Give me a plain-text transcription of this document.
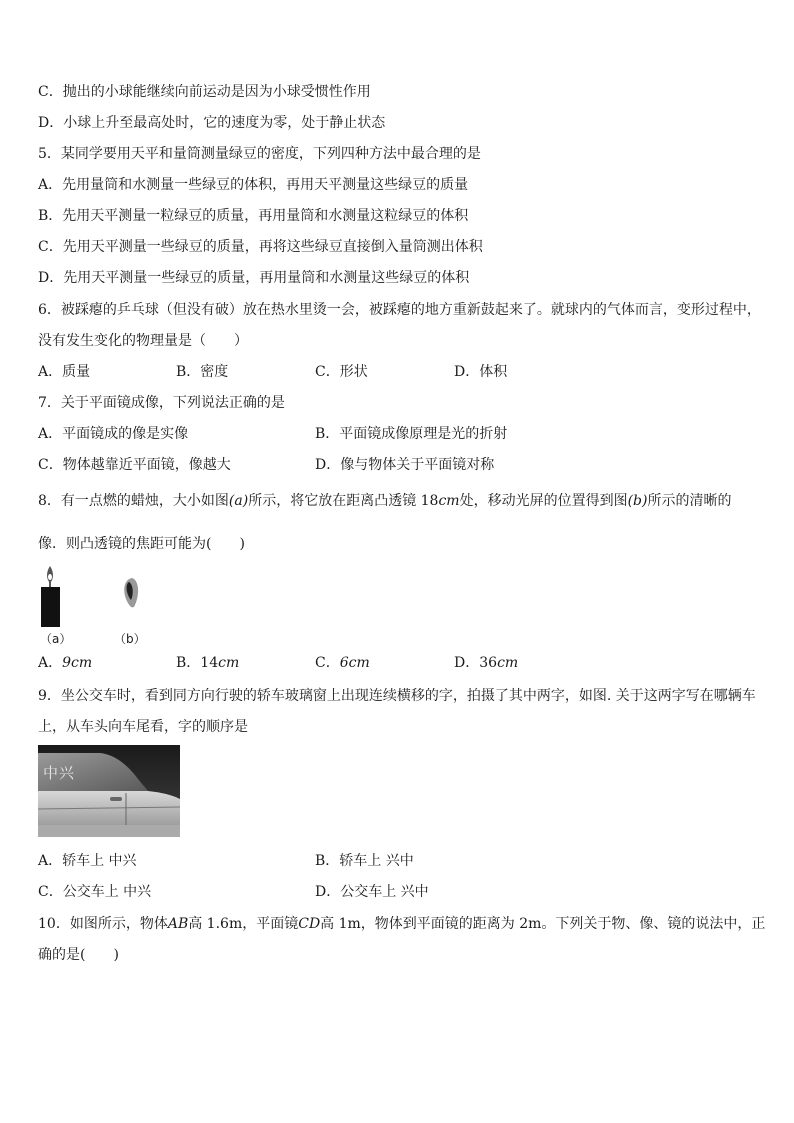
C．抛出的小球能继续向前运动是因为小球受惯性作用
D．小球上升至最高处时，它的速度为零，处于静止状态
5．某同学要用天平和量筒测量绿豆的密度，下列四种方法中最合理的是
A．先用量筒和水测量一些绿豆的体积，再用天平测量这些绿豆的质量
B．先用天平测量一粒绿豆的质量，再用量筒和水测量这粒绿豆的体积
C．先用天平测量一些绿豆的质量，再将这些绿豆直接倒入量筒测出体积
D．先用天平测量一些绿豆的质量，再用量筒和水测量这些绿豆的体积
6．被踩瘪的乒乓球（但没有破）放在热水里烫一会，被踩瘪的地方重新鼓起来了。就球内的气体而言，变形过程中，
没有发生变化的物理量是（　　）
A．质量	B．密度	C．形状	D．体积
7．关于平面镜成像，下列说法正确的是
A．平面镜成的像是实像	B．平面镜成像原理是光的折射
C．物体越靠近平面镜，像越大	D．像与物体关于平面镜对称
8．有一点燃的蜡烛，大小如图(a)所示，将它放在距离凸透镜 18cm处，移动光屏的位置得到图(b)所示的清晰的
像．则凸透镜的焦距可能为(　　)
（a）	（b）
A．9cm	B．14cm	C．6cm	D．36cm
9．坐公交车时，看到同方向行驶的轿车玻璃窗上出现连续横移的字，拍摄了其中两字，如图. 关于这两字写在哪辆车
上，从车头向车尾看，字的顺序是
中兴
A．轿车上 中兴	B．轿车上 兴中
C．公交车上 中兴	D．公交车上 兴中
10．如图所示，物体AB高 1.6m，平面镜CD高 1m，物体到平面镜的距离为 2m。下列关于物、像、镜的说法中，正
确的是(　　)
